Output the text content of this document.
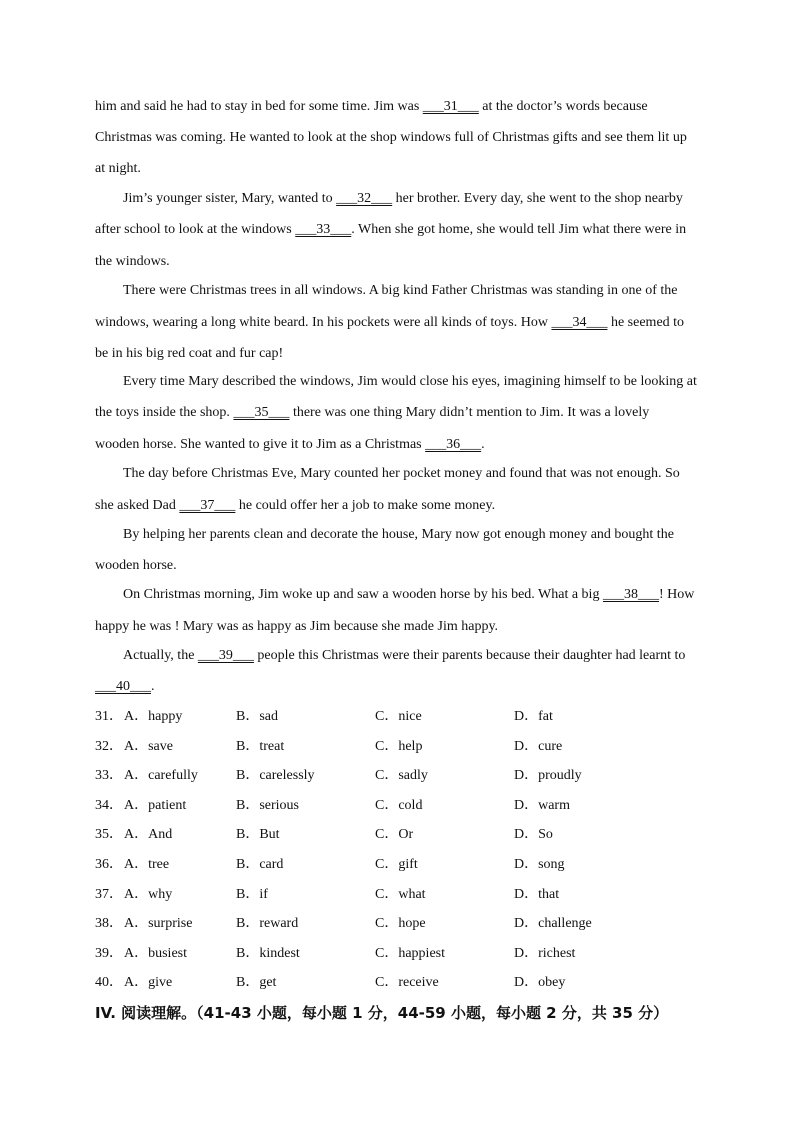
him and said he had to stay in bed for some time. Jim was ___31___ at the doctor’s words because
Christmas was coming. He wanted to look at the shop windows full of Christmas gifts and see them lit up
at night.
Jim’s younger sister, Mary, wanted to ___32___ her brother. Every day, she went to the shop nearby
after school to look at the windows ___33___. When she got home, she would tell Jim what there were in
the windows.
There were Christmas trees in all windows. A big kind Father Christmas was standing in one of the
windows, wearing a long white beard. In his pockets were all kinds of toys. How ___34___ he seemed to
be in his big red coat and fur cap!
Every time Mary described the windows, Jim would close his eyes, imagining himself to be looking at
the toys inside the shop. ___35___ there was one thing Mary didn’t mention to Jim. It was a lovely
wooden horse. She wanted to give it to Jim as a Christmas ___36___.
The day before Christmas Eve, Mary counted her pocket money and found that was not enough. So
she asked Dad ___37___ he could offer her a job to make some money.
By helping her parents clean and decorate the house, Mary now got enough money and bought the
wooden horse.
On Christmas morning, Jim woke up and saw a wooden horse by his bed. What a big ___38___! How
happy he was ! Mary was as happy as Jim because she made Jim happy.
Actually, the ___39___ people this Christmas were their parents because their daughter had learnt to
___40___.
31． A．happy	B．sad	C．nice	D．fat
32． A．save	B．treat	C．help	D．cure
33． A．carefully	B．carelessly	C．sadly	D．proudly
34． A．patient	B．serious	C．cold	D．warm
35． A．And	B．But	C．Or	D．So
36． A．tree	B．card	C．gift	D．song
37． A．why	B．if	C．what	D．that
38． A．surprise	B．reward	C．hope	D．challenge
39． A．busiest	B．kindest	C．happiest	D．richest
40． A．give	B．get	C．receive	D．obey
IV. 阅读理解。（41-43 小题，每小题 1 分，44-59 小题，每小题 2 分，共 35 分）
